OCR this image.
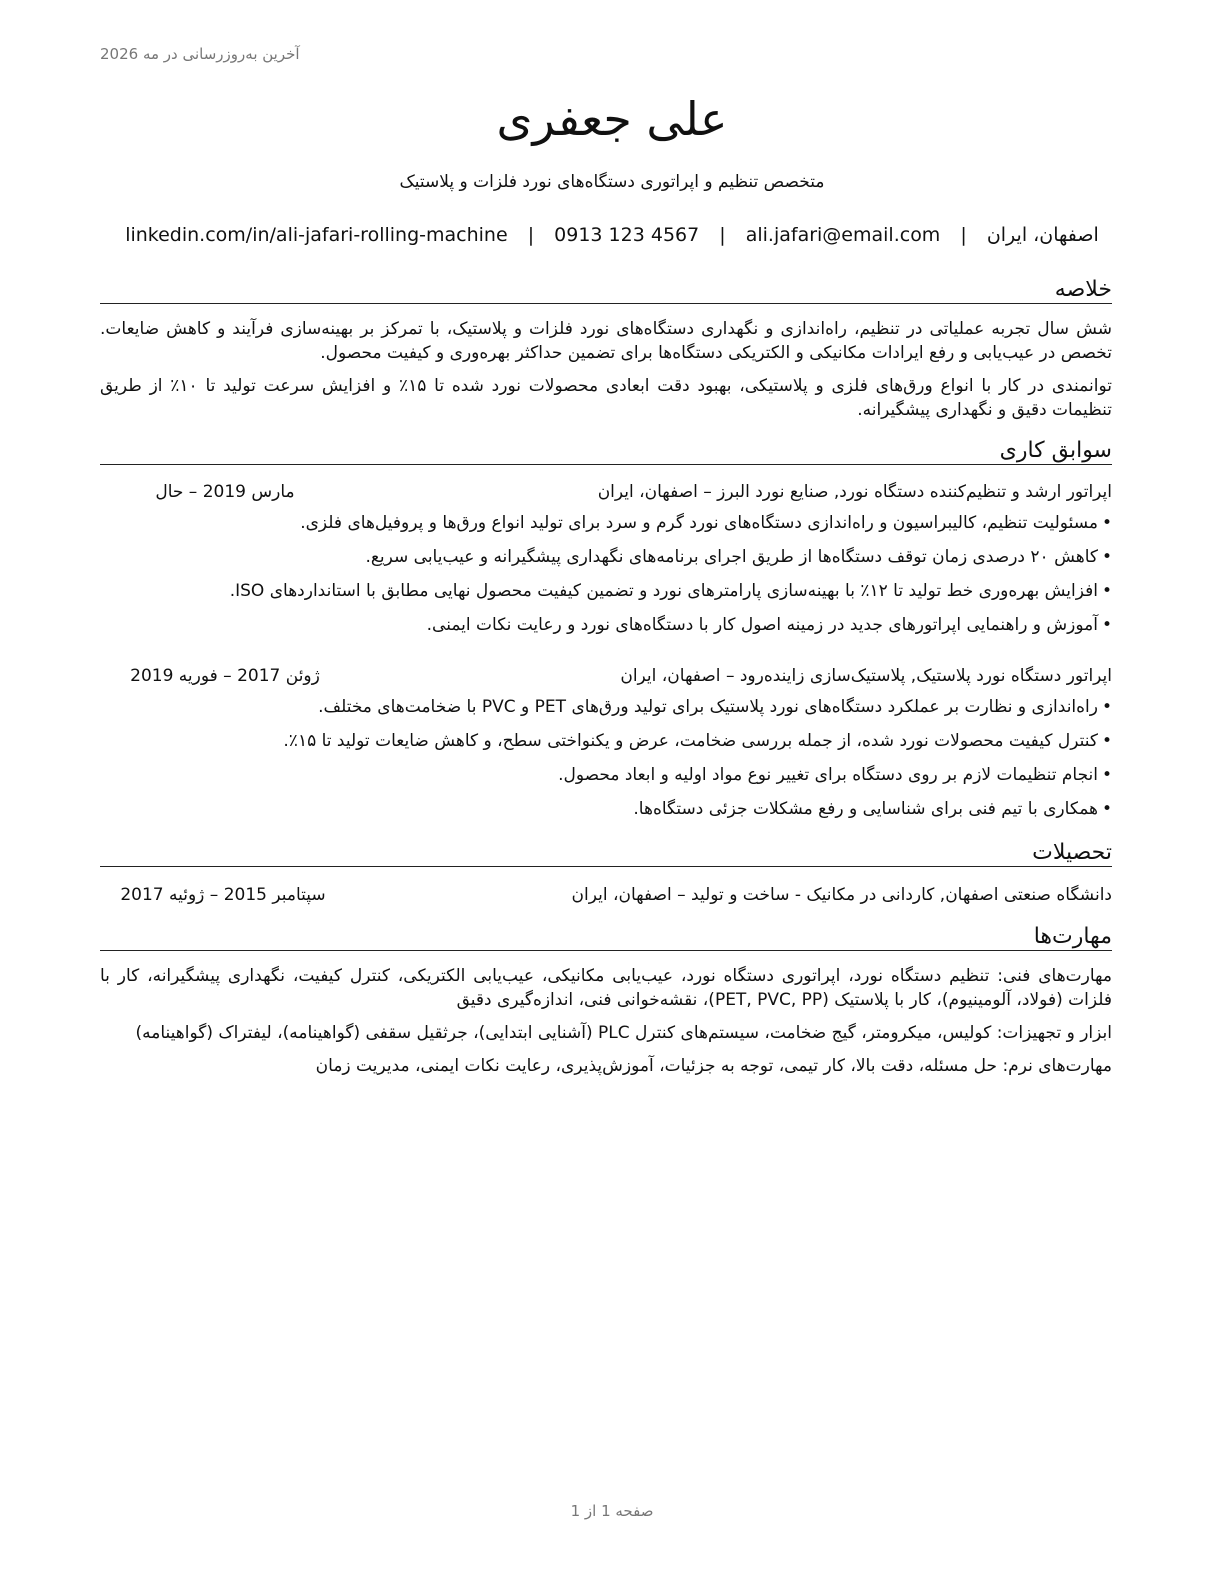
آخرین به‌روزرسانی در مه 2026
علی جعفری
متخصص تنظیم و اپراتوری دستگاه‌های نورد فلزات و پلاستیک
اصفهان، ایران | ali.jafari@email.com | 0913 123 4567 | linkedin.com/in/ali-jafari-rolling-machine
خلاصه

شش سال تجربه عملیاتی در تنظیم، راه‌اندازی و نگهداری دستگاه‌های نورد فلزات و پلاستیک، با تمرکز بر بهینه‌سازی فرآیند و کاهش ضایعات. تخصص در عیب‌یابی و رفع ایرادات مکانیکی و الکتریکی دستگاه‌ها برای تضمین حداکثر بهره‌وری و کیفیت محصول.

توانمندی در کار با انواع ورق‌های فلزی و پلاستیکی، بهبود دقت ابعادی محصولات نورد شده تا ۱۵٪ و افزایش سرعت تولید تا ۱۰٪ از طریق تنظیمات دقیق و نگهداری پیشگیرانه.

سوابق کاری
اپراتور ارشد و تنظیم‌کننده دستگاه نورد, صنایع نورد البرز – اصفهان، ایران
مارس 2019 – حال
•مسئولیت تنظیم، کالیبراسیون و راه‌اندازی دستگاه‌های نورد گرم و سرد برای تولید انواع ورق‌ها و پروفیل‌های فلزی.
•کاهش ۲۰ درصدی زمان توقف دستگاه‌ها از طریق اجرای برنامه‌های نگهداری پیشگیرانه و عیب‌یابی سریع.
•افزایش بهره‌وری خط تولید تا ۱۲٪ با بهینه‌سازی پارامترهای نورد و تضمین کیفیت محصول نهایی مطابق با استانداردهای ISO.
•آموزش و راهنمایی اپراتورهای جدید در زمینه اصول کار با دستگاه‌های نورد و رعایت نکات ایمنی.
اپراتور دستگاه نورد پلاستیک, پلاستیک‌سازی زاینده‌رود – اصفهان، ایران
ژوئن 2017 – فوریه 2019
•راه‌اندازی و نظارت بر عملکرد دستگاه‌های نورد پلاستیک برای تولید ورق‌های PET و PVC با ضخامت‌های مختلف.
•کنترل کیفیت محصولات نورد شده، از جمله بررسی ضخامت، عرض و یکنواختی سطح، و کاهش ضایعات تولید تا ۱۵٪.
•انجام تنظیمات لازم بر روی دستگاه برای تغییر نوع مواد اولیه و ابعاد محصول.
•همکاری با تیم فنی برای شناسایی و رفع مشکلات جزئی دستگاه‌ها.
تحصیلات
دانشگاه صنعتی اصفهان, کاردانی در مکانیک - ساخت و تولید – اصفهان، ایران
سپتامبر 2015 – ژوئیه 2017
مهارت‌ها

مهارت‌های فنی: تنظیم دستگاه نورد، اپراتوری دستگاه نورد، عیب‌یابی مکانیکی، عیب‌یابی الکتریکی، کنترل کیفیت، نگهداری پیشگیرانه، کار با فلزات (فولاد، آلومینیوم)، کار با پلاستیک (PET, PVC, PP)، نقشه‌خوانی فنی، اندازه‌گیری دقیق

ابزار و تجهیزات: کولیس، میکرومتر، گیج ضخامت، سیستم‌های کنترل PLC (آشنایی ابتدایی)، جرثقیل سقفی (گواهینامه)، لیفتراک (گواهینامه)

مهارت‌های نرم: حل مسئله، دقت بالا، کار تیمی، توجه به جزئیات، آموزش‌پذیری، رعایت نکات ایمنی، مدیریت زمان

صفحه 1 از 1
